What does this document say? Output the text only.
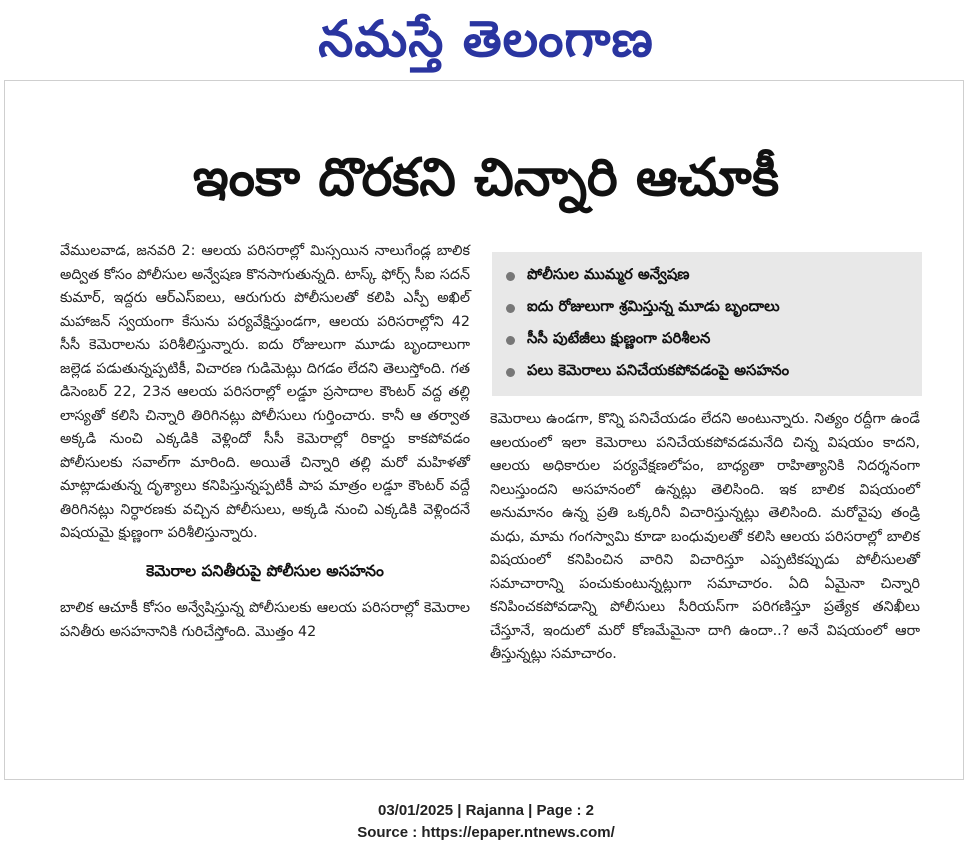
నమస్తే తెలంగాణ
ఇంకా దొరకని చిన్నారి ఆచూకీ

వేములవాడ, జనవరి 2: ఆలయ పరిసరాల్లో మిస్సయిన నాలుగేండ్ల బాలిక అద్విత కోసం పోలీసుల అన్వేషణ కొనసాగుతున్నది. టాస్క్ ఫోర్స్ సీఐ సదన్ కుమార్, ఇద్దరు ఆర్ఎస్ఐలు, ఆరుగురు పోలీసులతో కలిపి ఎస్పీ అఖిల్ మహాజన్ స్వయంగా కేసును పర్యవేక్షిస్తుండగా, ఆలయ పరిసరాల్లోని 42 సీసీ కెమెరాలను పరిశీలిస్తున్నారు. ఐదు రోజులుగా మూడు బృందాలుగా జల్లెడ పడుతున్నప్పటికీ, విచారణ గుడిమెట్లు దిగడం లేదని తెలుస్తోంది. గత డిసెంబర్ 22, 23న ఆలయ పరిసరాల్లో లడ్డూ ప్రసాదాల కౌంటర్ వద్ద తల్లి లాస్యతో కలిసి చిన్నారి తిరిగినట్లు పోలీసులు గుర్తించారు. కానీ ఆ తర్వాత అక్కడి నుంచి ఎక్కడికి వెళ్లిందో సీసీ కెమెరాల్లో రికార్డు కాకపోవడం పోలీసులకు సవాల్‌గా మారింది. అయితే చిన్నారి తల్లి మరో మహిళతో మాట్లాడుతున్న దృశ్యాలు కనిపిస్తున్నప్పటికీ పాప మాత్రం లడ్డూ కౌంటర్ వద్దే తిరిగినట్లు నిర్ధారణకు వచ్చిన పోలీసులు, అక్కడి నుంచి ఎక్కడికి వెళ్లిందనే విషయమై క్షుణ్ణంగా పరిశీలిస్తున్నారు.

కెమెరాల పనితీరుపై పోలీసుల అసహనం

బాలిక ఆచూకీ కోసం అన్వేషిస్తున్న పోలీసులకు ఆలయ పరిసరాల్లో కెమెరాల పనితీరు అసహనానికి గురిచేస్తోంది. మొత్తం 42

పోలీసుల ముమ్మర అన్వేషణ
ఐదు రోజులుగా శ్రమిస్తున్న మూడు బృందాలు
సీసీ పుటేజీలు క్షుణ్ణంగా పరిశీలన
పలు కెమెరాలు పనిచేయకపోవడంపై అసహనం

కెమెరాలు ఉండగా, కొన్ని పనిచేయడం లేదని అంటున్నారు. నిత్యం రద్దీగా ఉండే ఆలయంలో ఇలా కెమెరాలు పనిచేయకపోవడమనేది చిన్న విషయం కాదని, ఆలయ అధికారుల పర్యవేక్షణలోపం, బాధ్యతా రాహిత్యానికి నిదర్శనంగా నిలుస్తుందని అసహనంలో ఉన్నట్లు తెలిసింది. ఇక బాలిక విషయంలో అనుమానం ఉన్న ప్రతి ఒక్కరినీ విచారిస్తున్నట్లు తెలిసింది. మరోవైపు తండ్రి మధు, మామ గంగస్వామి కూడా బంధువులతో కలిసి ఆలయ పరిసరాల్లో బాలిక విషయంలో కనిపించిన వారిని విచారిస్తూ ఎప్పటికప్పుడు పోలీసులతో సమాచారాన్ని పంచుకుంటున్నట్లుగా సమాచారం. ఏది ఏమైనా చిన్నారి కనిపించకపోవడాన్ని పోలీసులు సీరియస్‌గా పరిగణిస్తూ ప్రత్యేక తనిఖీలు చేస్తూనే, ఇందులో మరో కోణమేమైనా దాగి ఉందా..? అనే విషయంలో ఆరా తీస్తున్నట్లు సమాచారం.

03/01/2025 | Rajanna | Page : 2
Source : https://epaper.ntnews.com/
